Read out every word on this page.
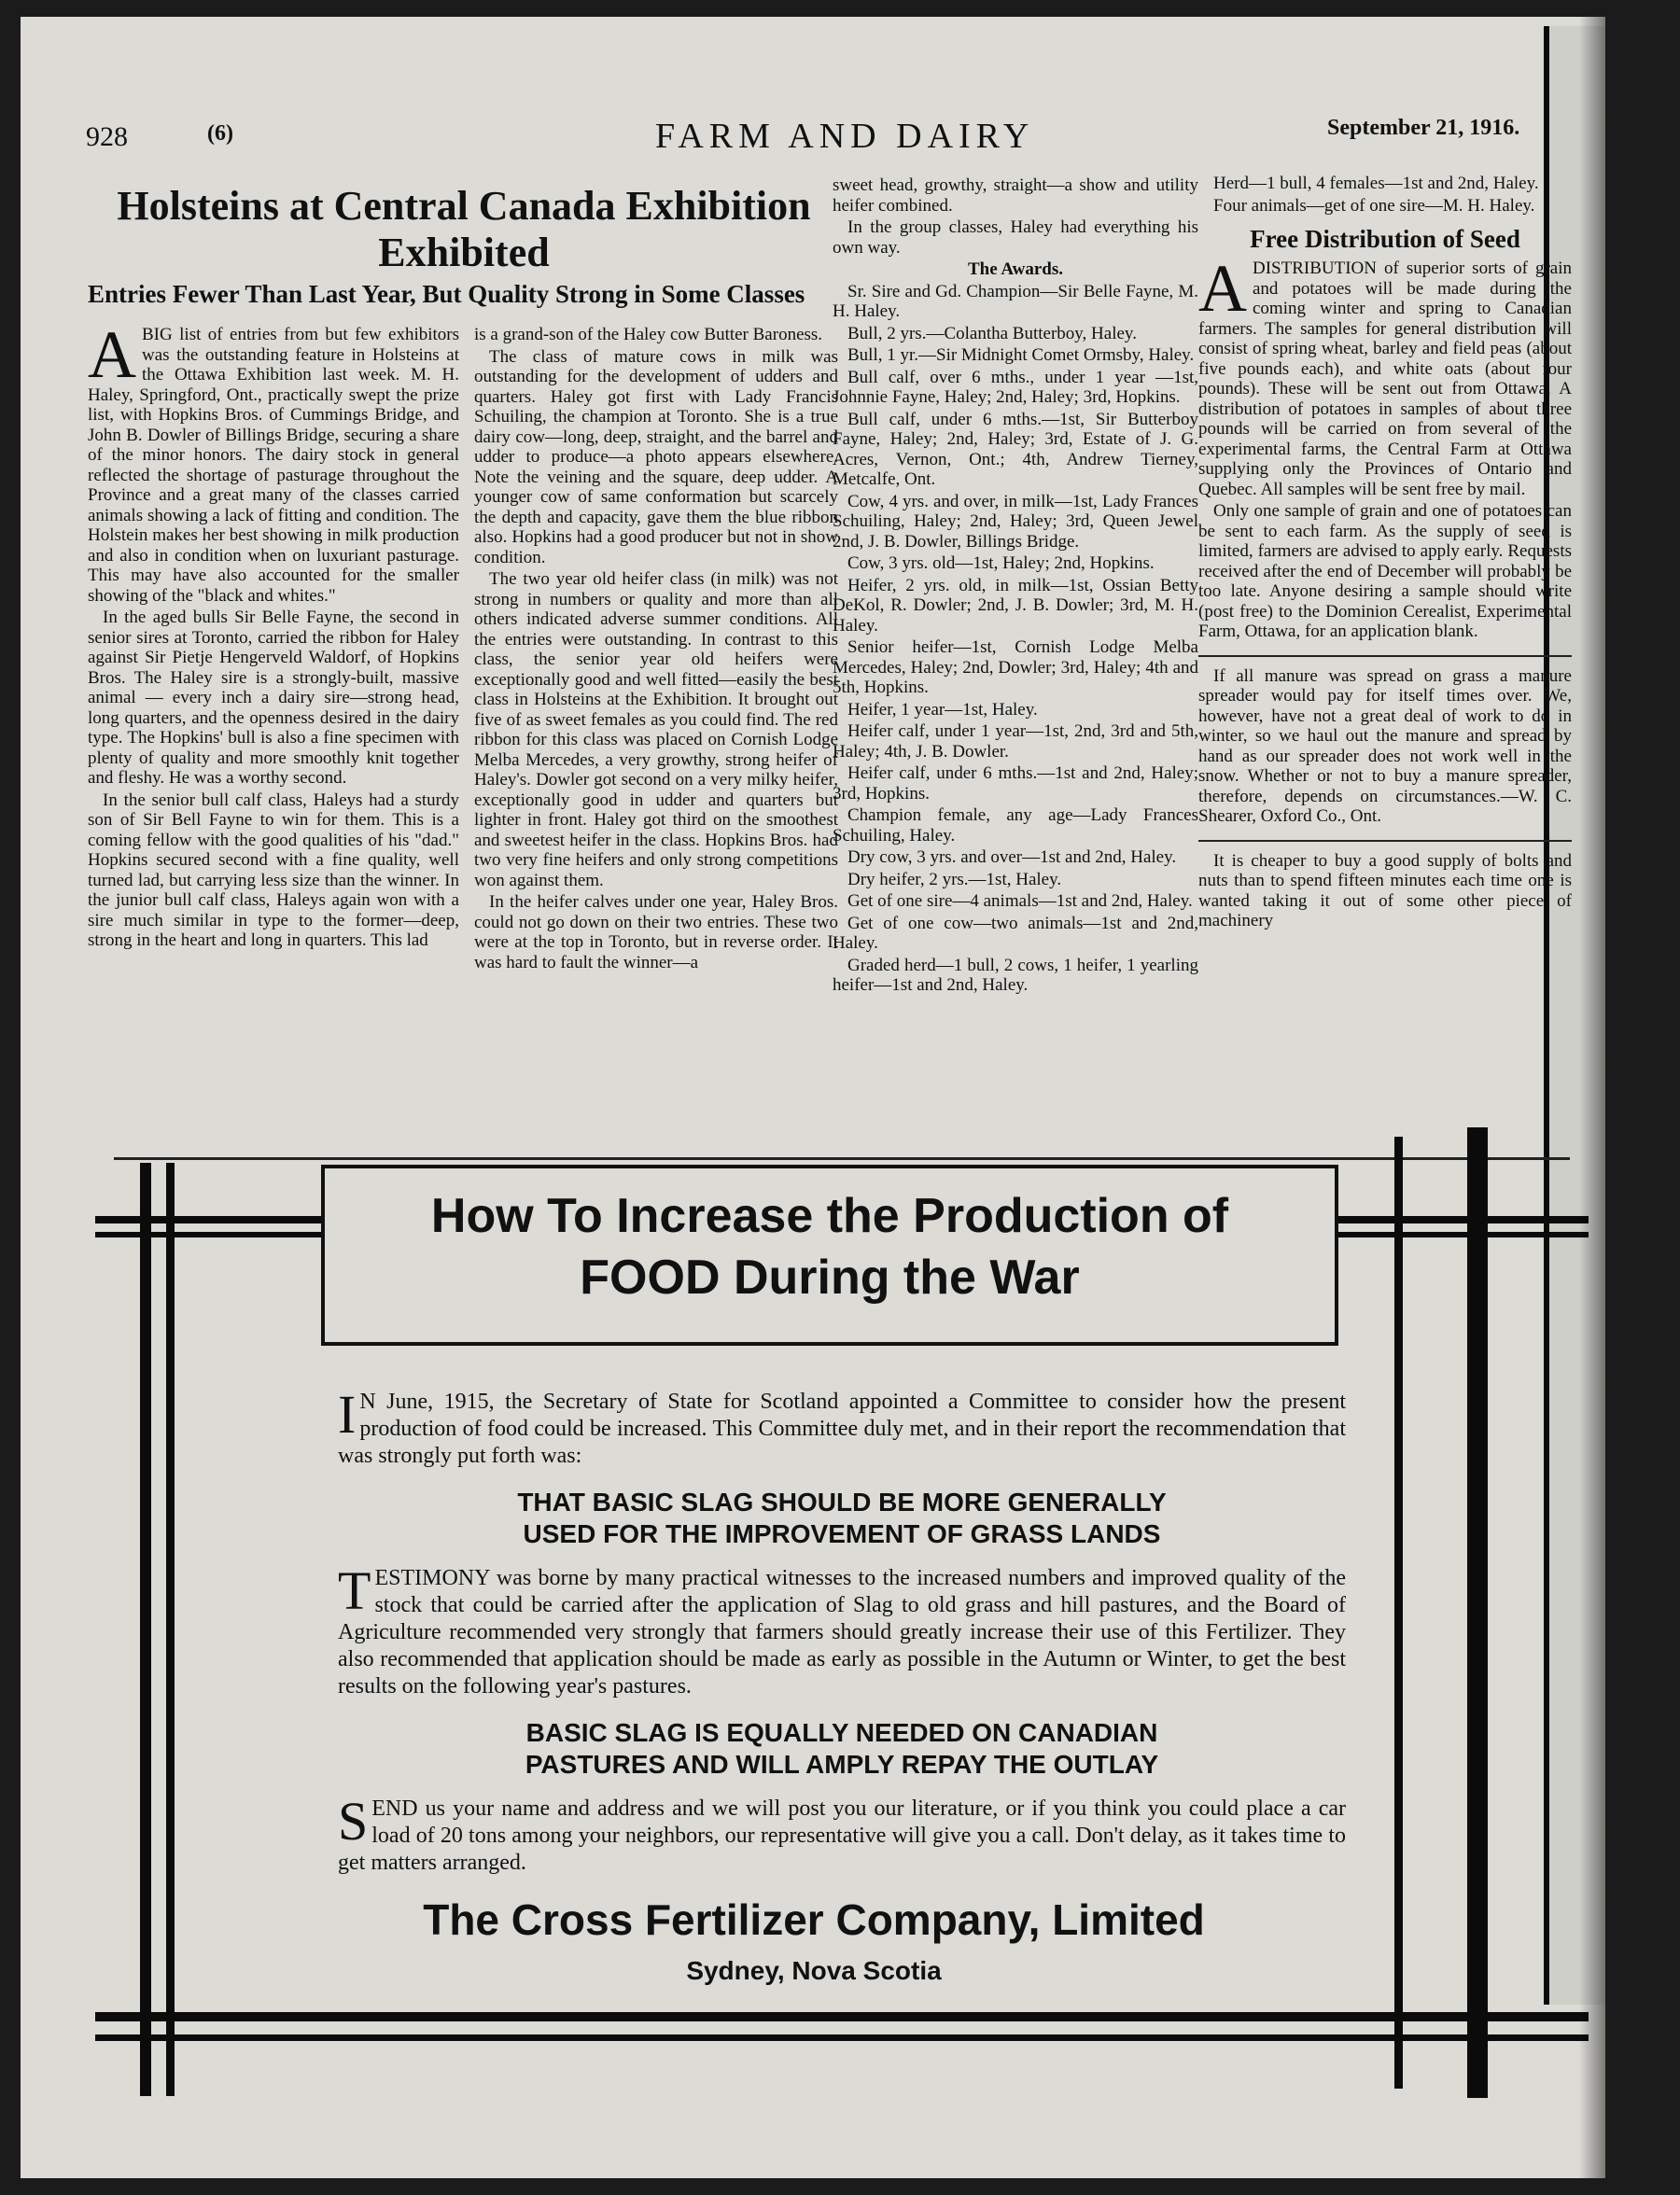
928	(6)	FARM AND DAIRY	September 21, 1916.
Holsteins at Central Canada Exhibition Exhibited
Entries Fewer Than Last Year, But Quality Strong in Some Classes

ABIG list of entries from but few exhibitors was the outstanding feature in Holsteins at the Ottawa Exhibition last week. M. H. Haley, Springford, Ont., practically swept the prize list, with Hopkins Bros. of Cummings Bridge, and John B. Dowler of Billings Bridge, securing a share of the minor honors. The dairy stock in general reflected the shortage of pasturage throughout the Province and a great many of the classes carried animals showing a lack of fitting and condition. The Holstein makes her best showing in milk production and also in condition when on luxuriant pasturage. This may have also accounted for the smaller showing of the "black and whites."

In the aged bulls Sir Belle Fayne, the second in senior sires at Toronto, carried the ribbon for Haley against Sir Pietje Hengerveld Waldorf, of Hopkins Bros. The Haley sire is a strongly-built, massive animal — every inch a dairy sire—strong head, long quarters, and the openness desired in the dairy type. The Hopkins' bull is also a fine specimen with plenty of quality and more smoothly knit together and fleshy. He was a worthy second.

In the senior bull calf class, Haleys had a sturdy son of Sir Bell Fayne to win for them. This is a coming fellow with the good qualities of his "dad." Hopkins secured second with a fine quality, well turned lad, but carrying less size than the winner. In the junior bull calf class, Haleys again won with a sire much similar in type to the former—deep, strong in the heart and long in quarters. This lad

is a grand-son of the Haley cow Butter Baroness.

The class of mature cows in milk was outstanding for the development of udders and quarters. Haley got first with Lady Francis Schuiling, the champion at Toronto. She is a true dairy cow—long, deep, straight, and the barrel and udder to produce—a photo appears elsewhere. Note the veining and the square, deep udder. A younger cow of same conformation but scarcely the depth and capacity, gave them the blue ribbon also. Hopkins had a good producer but not in show condition.

The two year old heifer class (in milk) was not strong in numbers or quality and more than all others indicated adverse summer conditions. All the entries were outstanding. In contrast to this class, the senior year old heifers were exceptionally good and well fitted—easily the best class in Holsteins at the Exhibition. It brought out five of as sweet females as you could find. The red ribbon for this class was placed on Cornish Lodge Melba Mercedes, a very growthy, strong heifer of Haley's. Dowler got second on a very milky heifer, exceptionally good in udder and quarters but lighter in front. Haley got third on the smoothest and sweetest heifer in the class. Hopkins Bros. had two very fine heifers and only strong competitions won against them.

In the heifer calves under one year, Haley Bros. could not go down on their two entries. These two were at the top in Toronto, but in reverse order. It was hard to fault the winner—a

sweet head, growthy, straight—a show and utility heifer combined.

In the group classes, Haley had everything his own way.

The Awards.

Sr. Sire and Gd. Champion—Sir Belle Fayne, M. H. Haley.

Bull, 2 yrs.—Colantha Butterboy, Haley.

Bull, 1 yr.—Sir Midnight Comet Ormsby, Haley.

Bull calf, over 6 mths., under 1 year —1st, Johnnie Fayne, Haley; 2nd, Haley; 3rd, Hopkins.

Bull calf, under 6 mths.—1st, Sir Butterboy Fayne, Haley; 2nd, Haley; 3rd, Estate of J. G. Acres, Vernon, Ont.; 4th, Andrew Tierney, Metcalfe, Ont.

Cow, 4 yrs. and over, in milk—1st, Lady Frances Schuiling, Haley; 2nd, Haley; 3rd, Queen Jewel 2nd, J. B. Dowler, Billings Bridge.

Cow, 3 yrs. old—1st, Haley; 2nd, Hopkins.

Heifer, 2 yrs. old, in milk—1st, Ossian Betty DeKol, R. Dowler; 2nd, J. B. Dowler; 3rd, M. H. Haley.

Senior heifer—1st, Cornish Lodge Melba Mercedes, Haley; 2nd, Dowler; 3rd, Haley; 4th and 5th, Hopkins.

Heifer, 1 year—1st, Haley.

Heifer calf, under 1 year—1st, 2nd, 3rd and 5th, Haley; 4th, J. B. Dowler.

Heifer calf, under 6 mths.—1st and 2nd, Haley; 3rd, Hopkins.

Champion female, any age—Lady Frances Schuiling, Haley.

Dry cow, 3 yrs. and over—1st and 2nd, Haley.

Dry heifer, 2 yrs.—1st, Haley.

Get of one sire—4 animals—1st and 2nd, Haley.

Get of one cow—two animals—1st and 2nd, Haley.

Graded herd—1 bull, 2 cows, 1 heifer, 1 yearling heifer—1st and 2nd, Haley.

Herd—1 bull, 4 females—1st and 2nd, Haley.

Four animals—get of one sire—M. H. Haley.

Free Distribution of Seed

ADISTRIBUTION of superior sorts of grain and potatoes will be made during the coming winter and spring to Canadian farmers. The samples for general distribution will consist of spring wheat, barley and field peas (about five pounds each), and white oats (about four pounds). These will be sent out from Ottawa. A distribution of potatoes in samples of about three pounds will be carried on from several of the experimental farms, the Central Farm at Ottawa supplying only the Provinces of Ontario and Quebec. All samples will be sent free by mail.

Only one sample of grain and one of potatoes can be sent to each farm. As the supply of seed is limited, farmers are advised to apply early. Requests received after the end of December will probably be too late. Anyone desiring a sample should write (post free) to the Dominion Cerealist, Experimental Farm, Ottawa, for an application blank.

If all manure was spread on grass a manure spreader would pay for itself times over. We, however, have not a great deal of work to do in winter, so we haul out the manure and spread by hand as our spreader does not work well in the snow. Whether or not to buy a manure spreader, therefore, depends on circumstances.—W. C. Shearer, Oxford Co., Ont.

It is cheaper to buy a good supply of bolts and nuts than to spend fifteen minutes each time one is wanted taking it out of some other piece of machinery

How To Increase the Production of
FOOD During the War

I N June, 1915, the Secretary of State for Scotland appointed a Committee to consider how the present production of food could be increased. This Committee duly met, and in their report the recommendation that was strongly put forth was:

THAT BASIC SLAG SHOULD BE MORE GENERALLY
USED FOR THE IMPROVEMENT OF GRASS LANDS

TESTIMONY was borne by many practical witnesses to the increased numbers and improved quality of the stock that could be carried after the application of Slag to old grass and hill pastures, and the Board of Agriculture recommended very strongly that farmers should greatly increase their use of this Fertilizer. They also recommended that application should be made as early as possible in the Autumn or Winter, to get the best results on the following year's pastures.

BASIC SLAG IS EQUALLY NEEDED ON CANADIAN
PASTURES AND WILL AMPLY REPAY THE OUTLAY

SEND us your name and address and we will post you our literature, or if you think you could place a car load of 20 tons among your neighbors, our representative will give you a call. Don't delay, as it takes time to get matters arranged.

The Cross Fertilizer Company, Limited
Sydney, Nova Scotia
